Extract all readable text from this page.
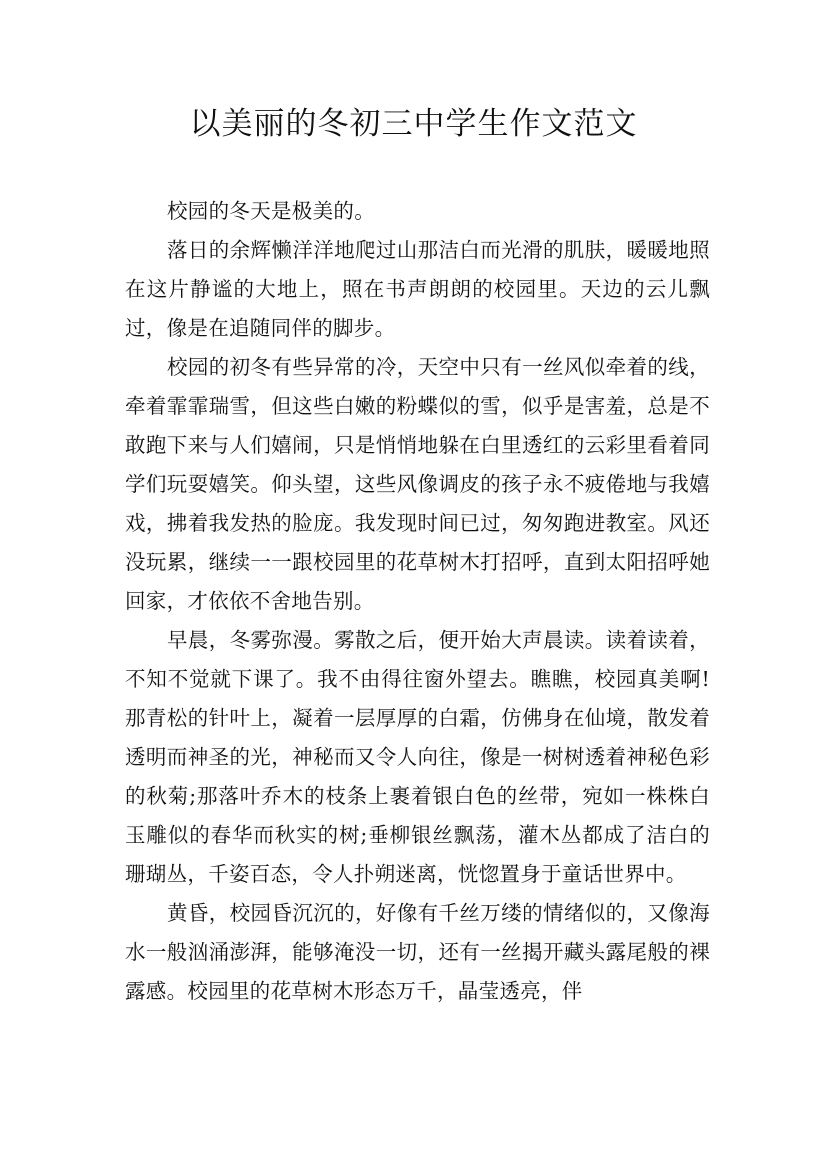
以美丽的冬初三中学生作文范文

校园的冬天是极美的。

落日的余辉懒洋洋地爬过山那洁白而光滑的肌肤，暖暖地照在这片静谧的大地上，照在书声朗朗的校园里。天边的云儿飘过，像是在追随同伴的脚步。

校园的初冬有些异常的冷，天空中只有一丝风似牵着的线，牵着霏霏瑞雪，但这些白嫩的粉蝶似的雪，似乎是害羞，总是不敢跑下来与人们嬉闹，只是悄悄地躲在白里透红的云彩里看着同学们玩耍嬉笑。仰头望，这些风像调皮的孩子永不疲倦地与我嬉戏，拂着我发热的脸庞。我发现时间已过，匆匆跑进教室。风还没玩累，继续一一跟校园里的花草树木打招呼，直到太阳招呼她回家，才依依不舍地告别。

早晨，冬雾弥漫。雾散之后，便开始大声晨读。读着读着，不知不觉就下课了。我不由得往窗外望去。瞧瞧，校园真美啊!那青松的针叶上，凝着一层厚厚的白霜，仿佛身在仙境，散发着透明而神圣的光，神秘而又令人向往，像是一树树透着神秘色彩的秋菊;那落叶乔木的枝条上裹着银白色的丝带，宛如一株株白玉雕似的春华而秋实的树;垂柳银丝飘荡，灌木丛都成了洁白的珊瑚丛，千姿百态，令人扑朔迷离，恍惚置身于童话世界中。

黄昏，校园昏沉沉的，好像有千丝万缕的情绪似的，又像海水一般汹涌澎湃，能够淹没一切，还有一丝揭开藏头露尾般的裸露感。校园里的花草树木形态万千，晶莹透亮，伴
